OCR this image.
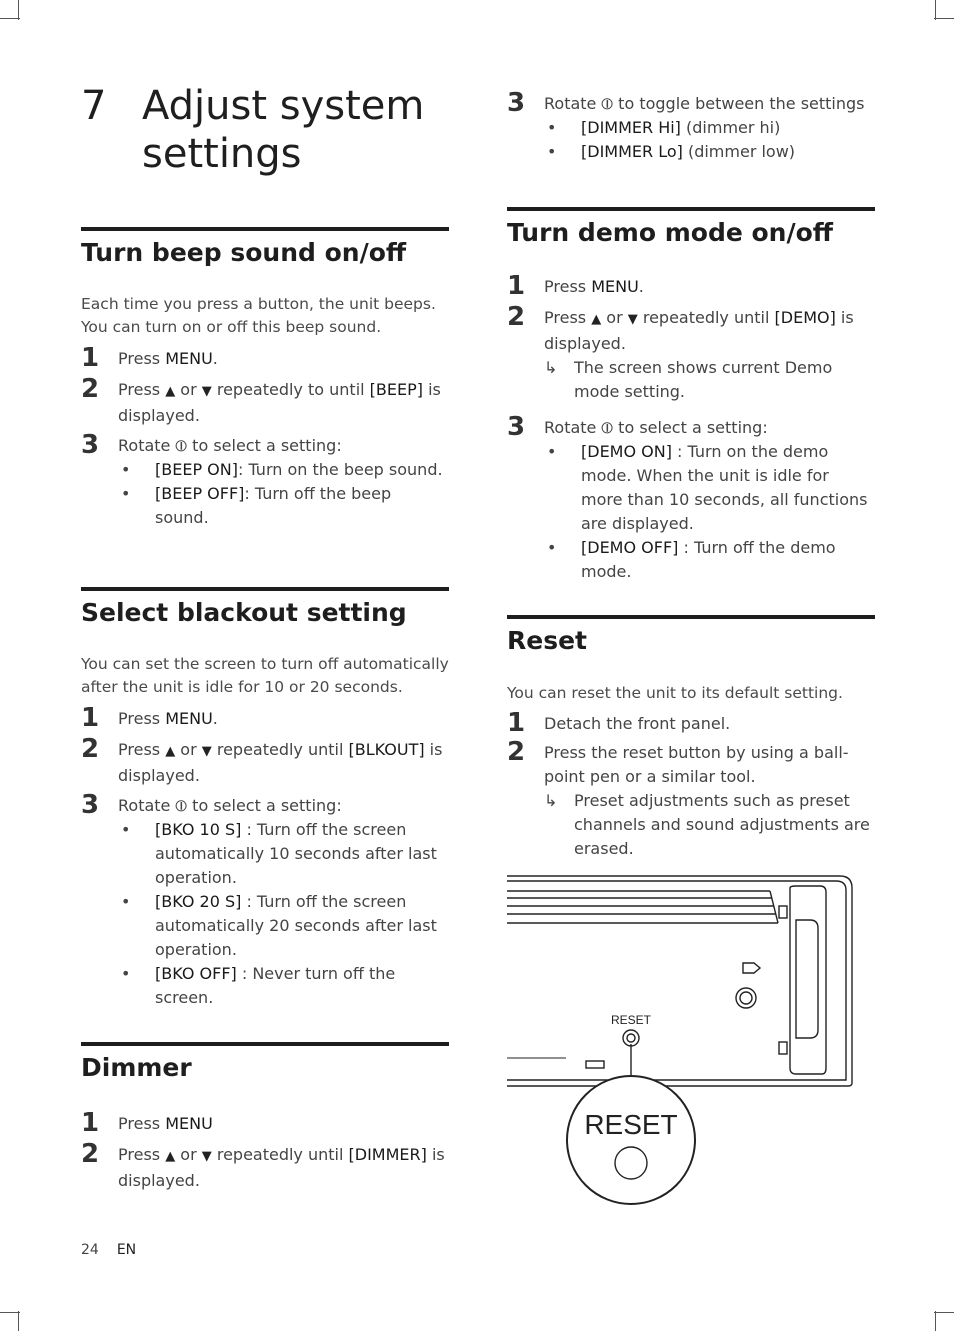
7 Adjust system settings
Turn beep sound on/off

Each time you press a button, the unit beeps. You can turn on or off this beep sound.

1 Press MENU.
2 Press ▲ or ▼ repeatedly to until [BEEP] is displayed.
3 Rotate ⦶ to select a setting:
• [BEEP ON]: Turn on the beep sound.
• [BEEP OFF]: Turn off the beep sound.
Select blackout setting

You can set the screen to turn off automatically after the unit is idle for 10 or 20 seconds.

1 Press MENU.
2 Press ▲ or ▼ repeatedly until [BLKOUT] is displayed.
3 Rotate ⦶ to select a setting:
• [BKO 10 S] : Turn off the screen automatically 10 seconds after last operation.
• [BKO 20 S] : Turn off the screen automatically 20 seconds after last operation.
• [BKO OFF] : Never turn off the screen.
Dimmer
1 Press MENU
2 Press ▲ or ▼ repeatedly until [DIMMER] is displayed.
3 Rotate ⦶ to toggle between the settings
• [DIMMER Hi] (dimmer hi)
• [DIMMER Lo] (dimmer low)
Turn demo mode on/off
1 Press MENU.
2 Press ▲ or ▼ repeatedly until [DEMO] is displayed.
↳ The screen shows current Demo mode setting.
3 Rotate ⦶ to select a setting:
• [DEMO ON] : Turn on the demo mode. When the unit is idle for more than 10 seconds, all functions are displayed.
• [DEMO OFF] : Turn off the demo mode.
Reset

You can reset the unit to its default setting.

1 Detach the front panel.
2 Press the reset button by using a ball-point pen or a similar tool.
↳ Preset adjustments such as preset channels and sound adjustments are erased.
RESET
RESET
24 EN
